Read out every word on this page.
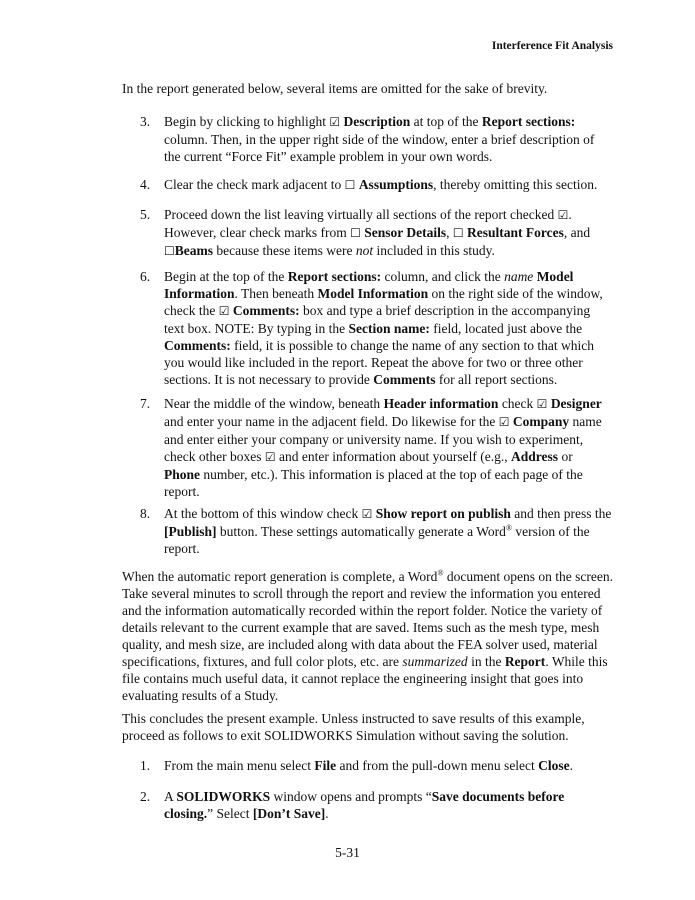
Interference Fit Analysis
In the report generated below, several items are omitted for the sake of brevity.
3.	Begin by clicking to highlight ☑ Description at top of the Report sections: column. Then, in the upper right side of the window, enter a brief description of the current “Force Fit” example problem in your own words.
4.	Clear the check mark adjacent to ☐ Assumptions, thereby omitting this section.
5.	Proceed down the list leaving virtually all sections of the report checked ☑. However, clear check marks from ☐ Sensor Details, ☐ Resultant Forces, and ☐Beams because these items were not included in this study.
6.	Begin at the top of the Report sections: column, and click the name Model Information. Then beneath Model Information on the right side of the window, check the ☑ Comments: box and type a brief description in the accompanying text box. NOTE: By typing in the Section name: field, located just above the Comments: field, it is possible to change the name of any section to that which you would like included in the report. Repeat the above for two or three other sections. It is not necessary to provide Comments for all report sections.
7.	Near the middle of the window, beneath Header information check ☑ Designer and enter your name in the adjacent field. Do likewise for the ☑ Company name and enter either your company or university name. If you wish to experiment, check other boxes ☑ and enter information about yourself (e.g., Address or Phone number, etc.). This information is placed at the top of each page of the report.
8.	At the bottom of this window check ☑ Show report on publish and then press the [Publish] button. These settings automatically generate a Word® version of the report.
When the automatic report generation is complete, a Word® document opens on the screen. Take several minutes to scroll through the report and review the information you entered and the information automatically recorded within the report folder. Notice the variety of details relevant to the current example that are saved. Items such as the mesh type, mesh quality, and mesh size, are included along with data about the FEA solver used, material specifications, fixtures, and full color plots, etc. are summarized in the Report. While this file contains much useful data, it cannot replace the engineering insight that goes into evaluating results of a Study.
This concludes the present example. Unless instructed to save results of this example, proceed as follows to exit SOLIDWORKS Simulation without saving the solution.
1.	From the main menu select File and from the pull-down menu select Close.
2.	A SOLIDWORKS window opens and prompts “Save documents before closing.” Select [Don’t Save].
5-31
